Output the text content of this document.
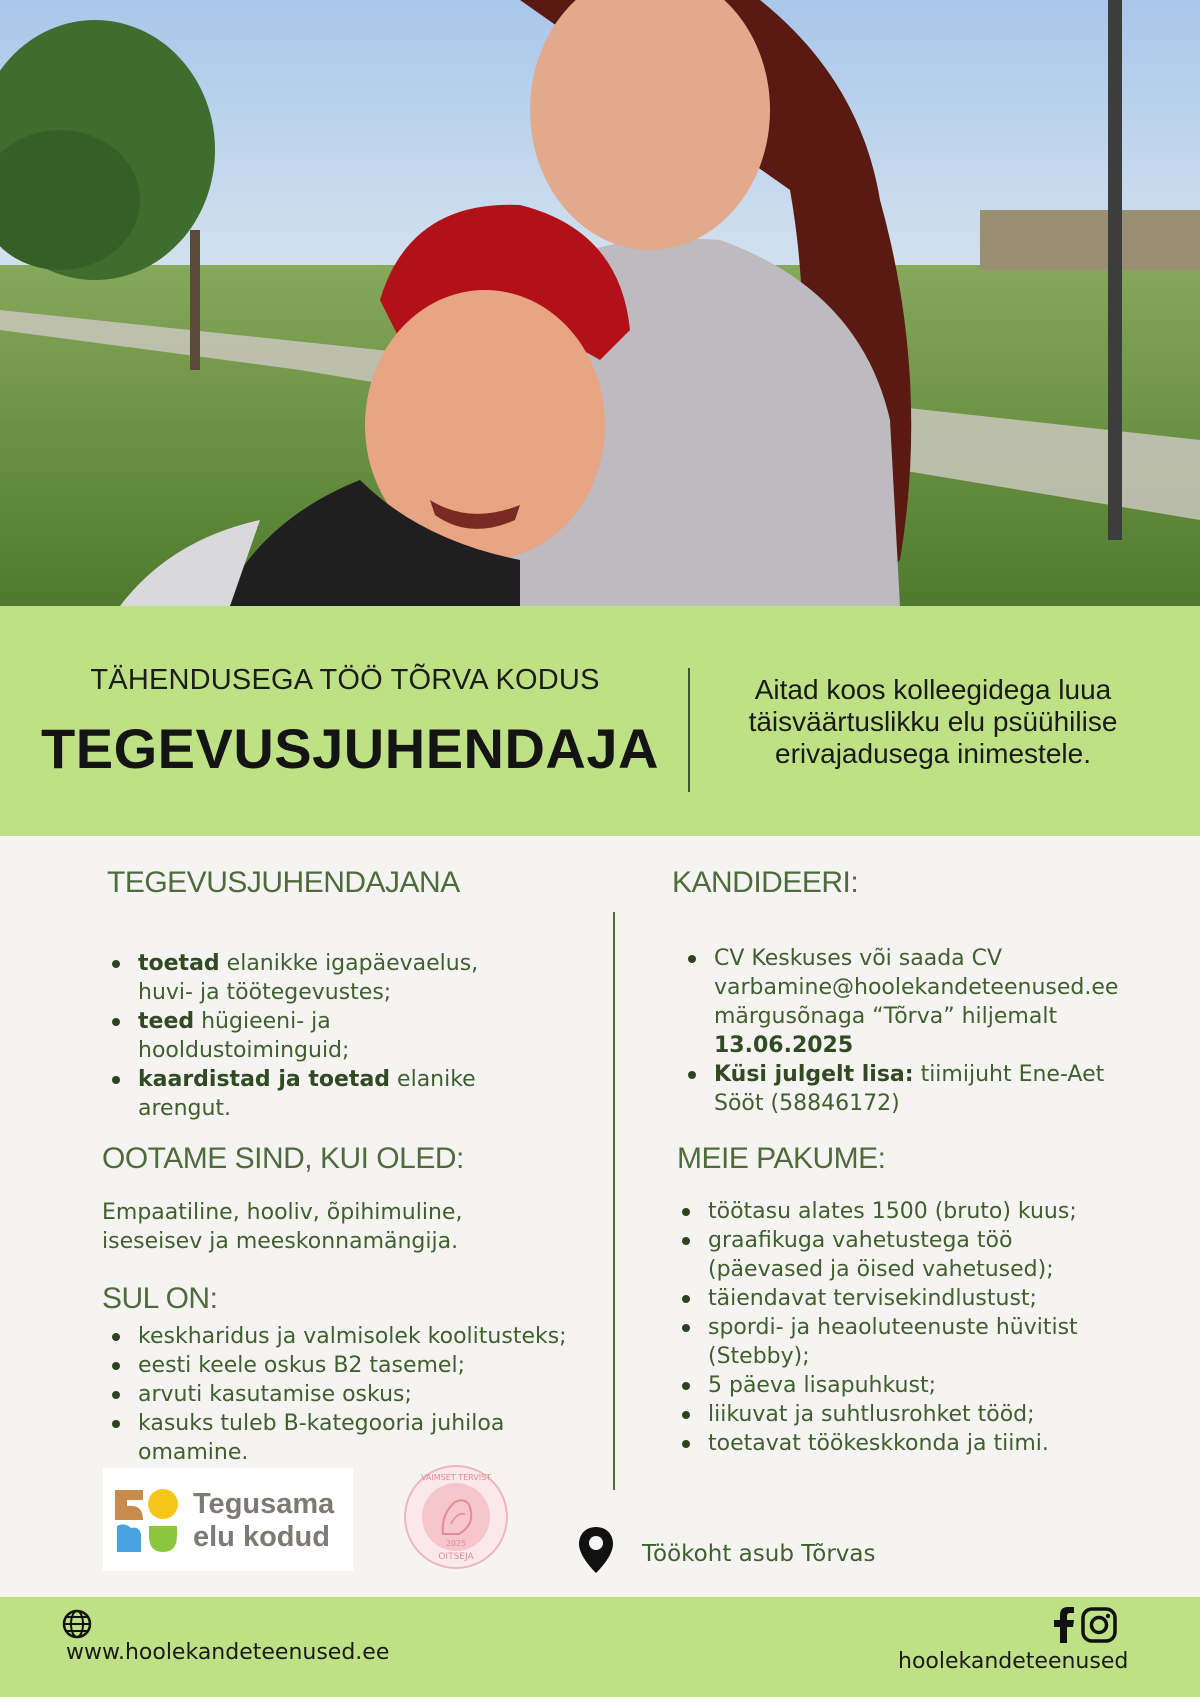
TÄHENDUSEGA TÖÖ TÕRVA KODUS
TEGEVUSJUHENDAJA
Aitad koos kolleegidega luua
täisväärtuslikku elu psüühilise
erivajadusega inimestele.
TEGEVUSJUHENDAJANA
toetad elanikke igapäevaelus,
huvi- ja töötegevustes;
teed hügieeni- ja
hooldustoiminguid;
kaardistad ja toetad elanike
arengut.
OOTAME SIND, KUI OLED:
Empaatiline, hooliv, õpihimuline,
iseseisev ja meeskonnamängija.
SUL ON:
keskharidus ja valmisolek koolitusteks;
eesti keele oskus B2 tasemel;
arvuti kasutamise oskus;
kasuks tuleb B-kategooria juhiloa
omamine.
KANDIDEERI:
CV Keskuses või saada CV
varbamine@hoolekandeteenused.ee
märgusõnaga “Tõrva” hiljemalt
13.06.2025
Küsi julgelt lisa: tiimijuht Ene-Aet
Sööt (58846172)
MEIE PAKUME:
töötasu alates 1500 (bruto) kuus;
graafikuga vahetustega töö
(päevased ja öised vahetused);
täiendavat tervisekindlustust;
spordi- ja heaoluteenuste hüvitist
(Stebby);
5 päeva lisapuhkust;
liikuvat ja suhtlusrohket tööd;
toetavat töökeskkonda ja tiimi.
Tegusama
elu kodud
VAIMSET TERVIST
OITSEJA
2025	Töökoht asub Tõrvas
www.hoolekandeteenused.ee	hoolekandeteenused
